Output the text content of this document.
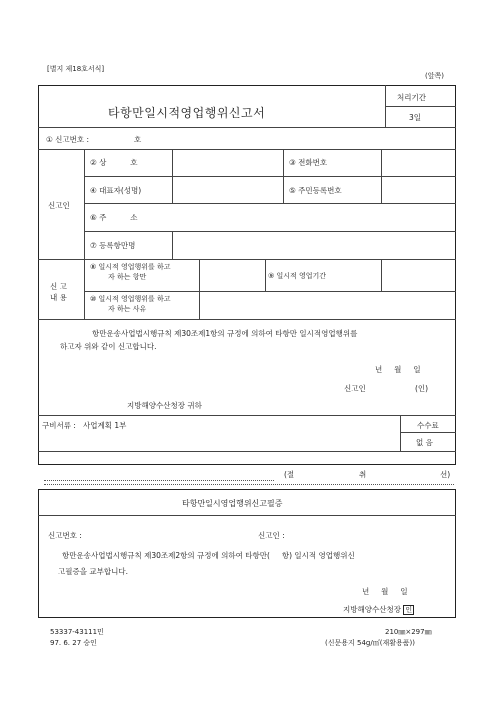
[별지 제18호서식]
(앞쪽)
타항만일시적영업행위신고서
처리기간
3일
① 신고번호 :	호
신고인
② 상          호	③ 전화번호
④ 대표자(성명)	⑤ 주민등록번호
⑥ 주          소
⑦ 등록항만명
신 고
내 용
⑧ 일시적 영업행위를 하고
자 하는 항만	⑨ 일시적 영업기간
⑩ 일시적 영업행위를 하고
자 하는 사유
항만운송사업법시행규칙 제30조제1항의 규정에 의하여 타항만 일시적영업행위를
하고자 위와 같이 신고합니다.
년     월     일
신고인	(인)
지방해양수산청장 귀하
구비서류 :   사업계획 1부	수수료
없 음
(절	취	선)
타항만일시영업행위신고필증
신고번호 :	신고인 :
항만운송사업법시행규칙 제30조제2항의 규정에 의하여 타항만(     항) 일시적 영업행위신
고필증을 교부합니다.
년     월     일
지방해양수산청장 인
53337-43111민
97. 6. 27 승인
210㎜×297㎜
(신문용지 54g/㎡(재활용품))
